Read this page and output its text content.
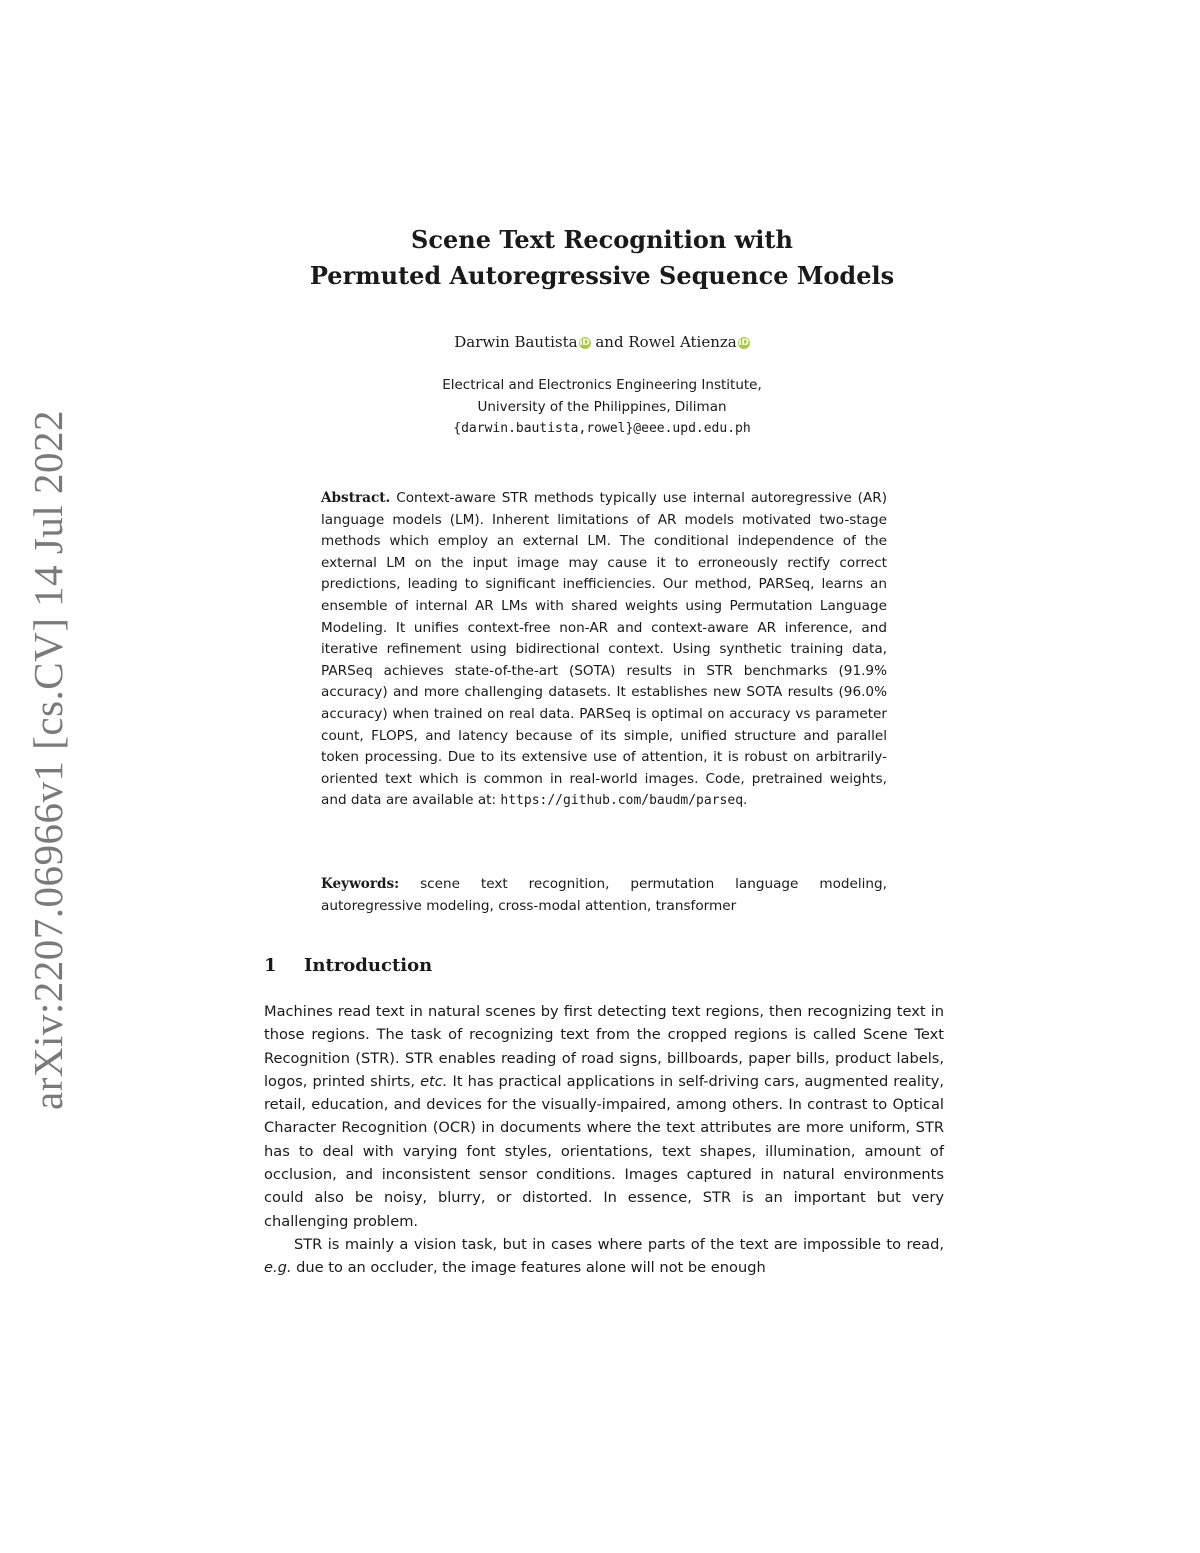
arXiv:2207.06966v1 [cs.CV] 14 Jul 2022
Scene Text Recognition with
Permuted Autoregressive Sequence Models
Darwin Bautista iD and Rowel Atienza iD
Electrical and Electronics Engineering Institute,
University of the Philippines, Diliman
{darwin.bautista,rowel}@eee.upd.edu.ph
Abstract. Context-aware STR methods typically use internal autoregressive (AR) language models (LM). Inherent limitations of AR models motivated two-stage methods which employ an external LM. The conditional independence of the external LM on the input image may cause it to erroneously rectify correct predictions, leading to significant inefficiencies. Our method, PARSeq, learns an ensemble of internal AR LMs with shared weights using Permutation Language Modeling. It unifies context-free non-AR and context-aware AR inference, and iterative refinement using bidirectional context. Using synthetic training data, PARSeq achieves state-of-the-art (SOTA) results in STR benchmarks (91.9% accuracy) and more challenging datasets. It establishes new SOTA results (96.0% accuracy) when trained on real data. PARSeq is optimal on accuracy vs parameter count, FLOPS, and latency because of its simple, unified structure and parallel token processing. Due to its extensive use of attention, it is robust on arbitrarily-oriented text which is common in real-world images. Code, pretrained weights, and data are available at: https://github.com/baudm/parseq.
Keywords: scene text recognition, permutation language modeling, autoregressive modeling, cross-modal attention, transformer
1 Introduction

Machines read text in natural scenes by first detecting text regions, then recognizing text in those regions. The task of recognizing text from the cropped regions is called Scene Text Recognition (STR). STR enables reading of road signs, billboards, paper bills, product labels, logos, printed shirts, etc. It has practical applications in self-driving cars, augmented reality, retail, education, and devices for the visually-impaired, among others. In contrast to Optical Character Recognition (OCR) in documents where the text attributes are more uniform, STR has to deal with varying font styles, orientations, text shapes, illumination, amount of occlusion, and inconsistent sensor conditions. Images captured in natural environments could also be noisy, blurry, or distorted. In essence, STR is an important but very challenging problem.

STR is mainly a vision task, but in cases where parts of the text are impossible to read, e.g. due to an occluder, the image features alone will not be enough
